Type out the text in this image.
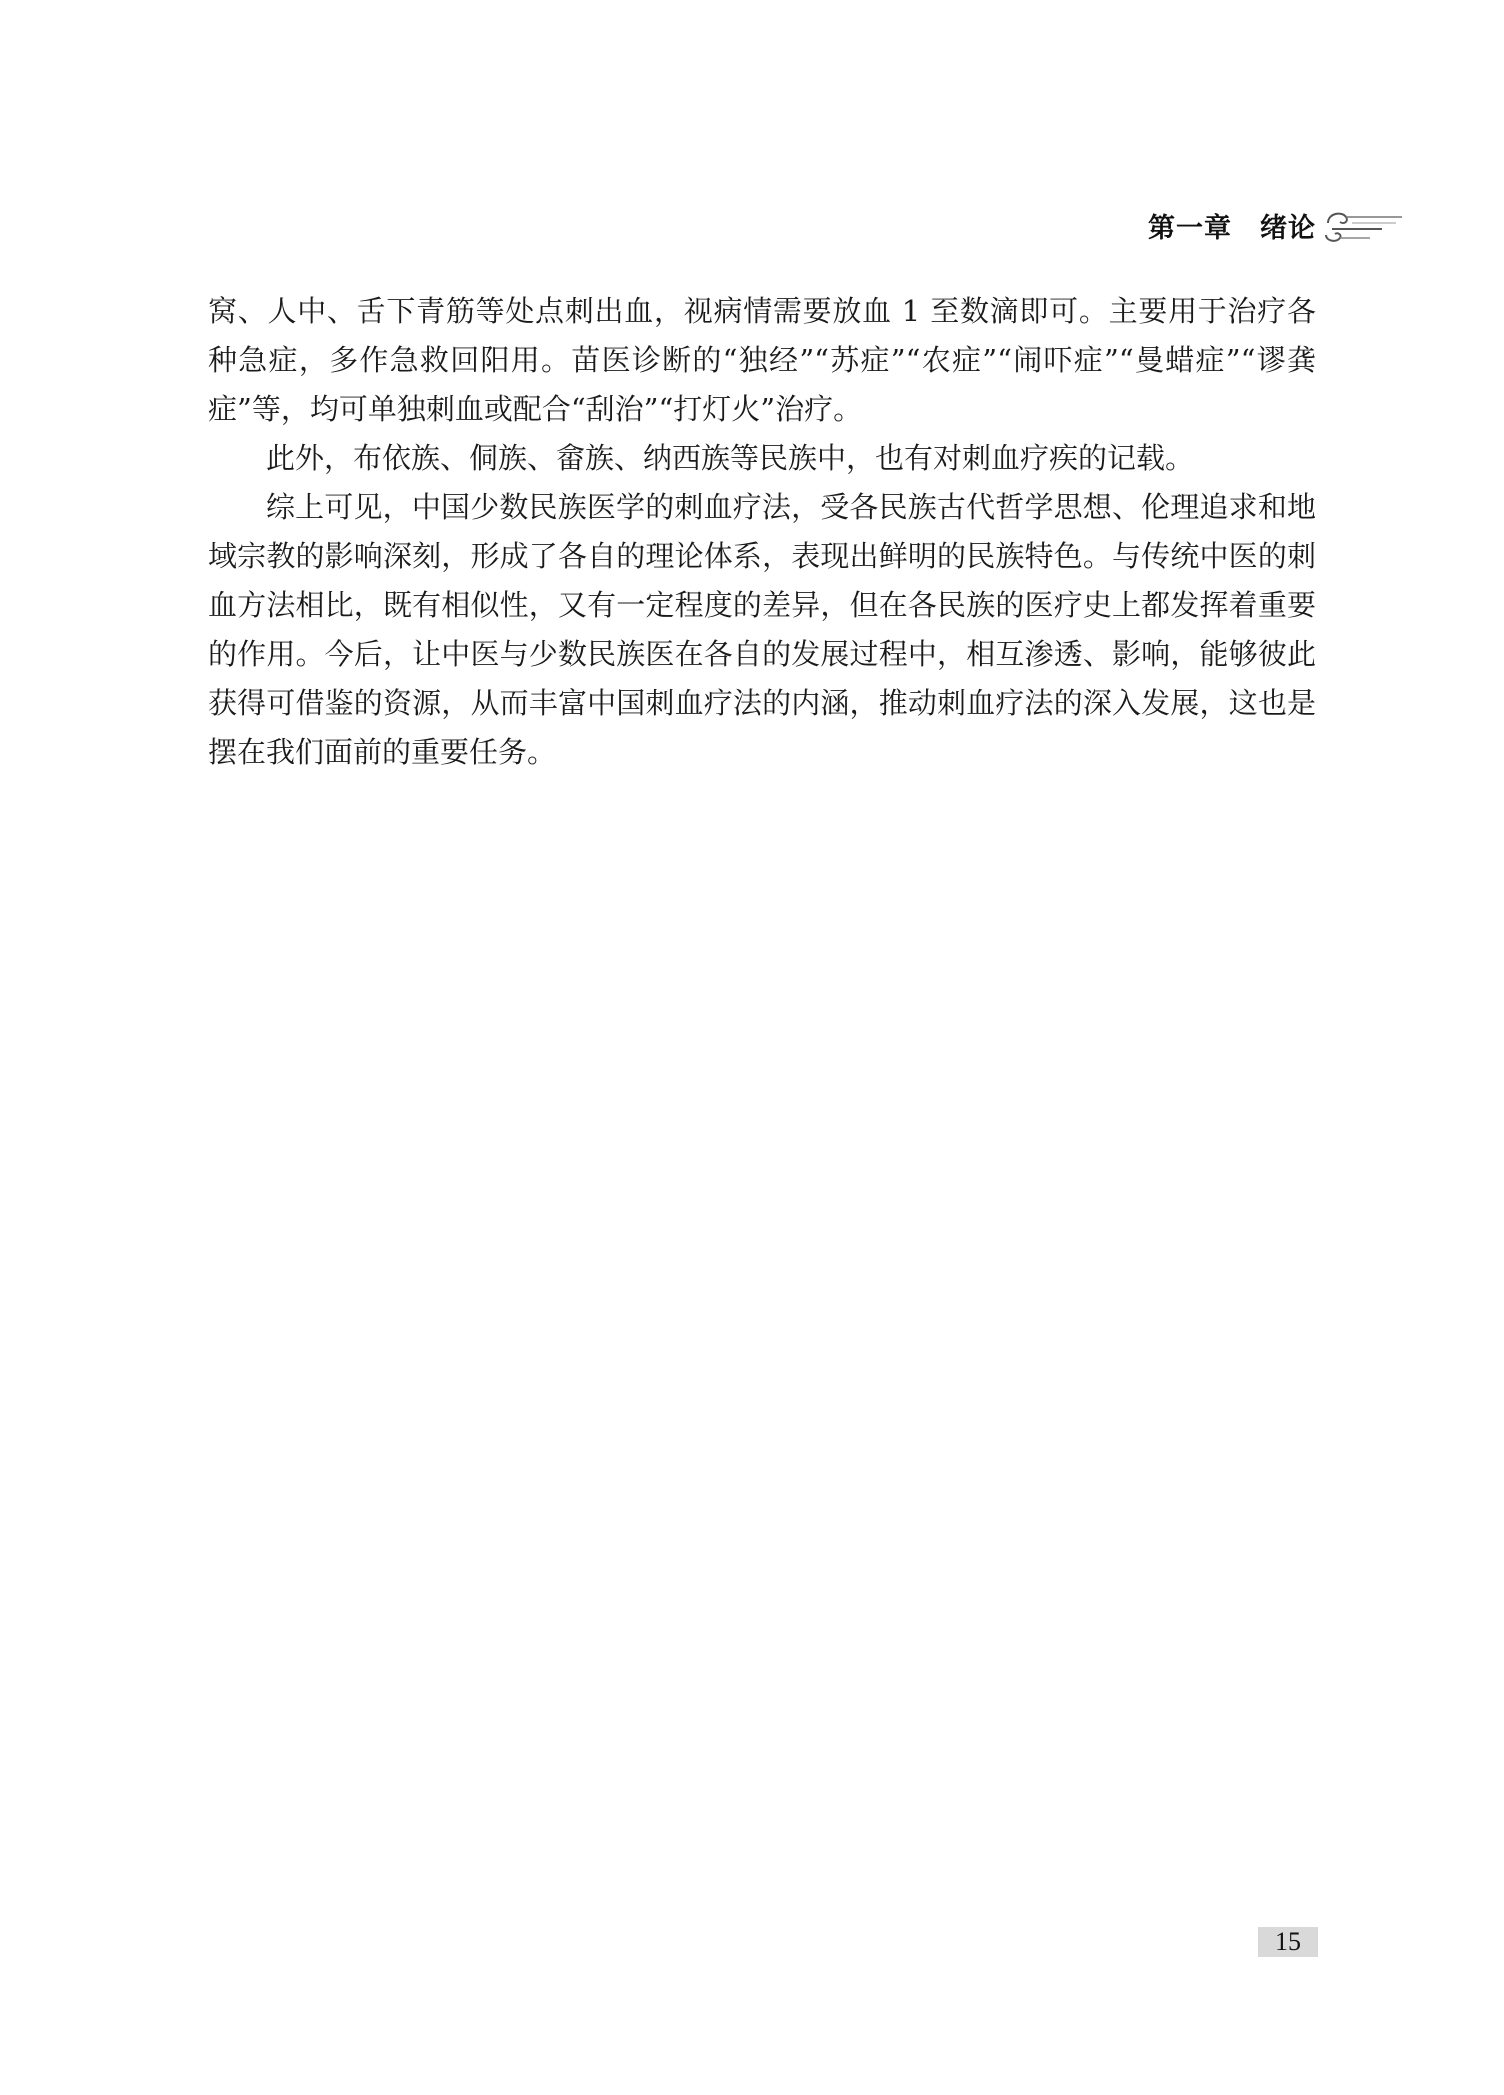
第一章　绪论

窝、人中、舌下青筋等处点刺出血，视病情需要放血 1 至数滴即可。主要用于治疗各种急症，多作急救回阳用。苗医诊断的“独经”“苏症”“农症”“闹吓症”“曼蜡症”“谬龚症”等，均可单独刺血或配合“刮治”“打灯火”治疗。

此外，布依族、侗族、畲族、纳西族等民族中，也有对刺血疗疾的记载。

综上可见，中国少数民族医学的刺血疗法，受各民族古代哲学思想、伦理追求和地域宗教的影响深刻，形成了各自的理论体系，表现出鲜明的民族特色。与传统中医的刺血方法相比，既有相似性，又有一定程度的差异，但在各民族的医疗史上都发挥着重要的作用。今后，让中医与少数民族医在各自的发展过程中，相互渗透、影响，能够彼此获得可借鉴的资源，从而丰富中国刺血疗法的内涵，推动刺血疗法的深入发展，这也是摆在我们面前的重要任务。

15
